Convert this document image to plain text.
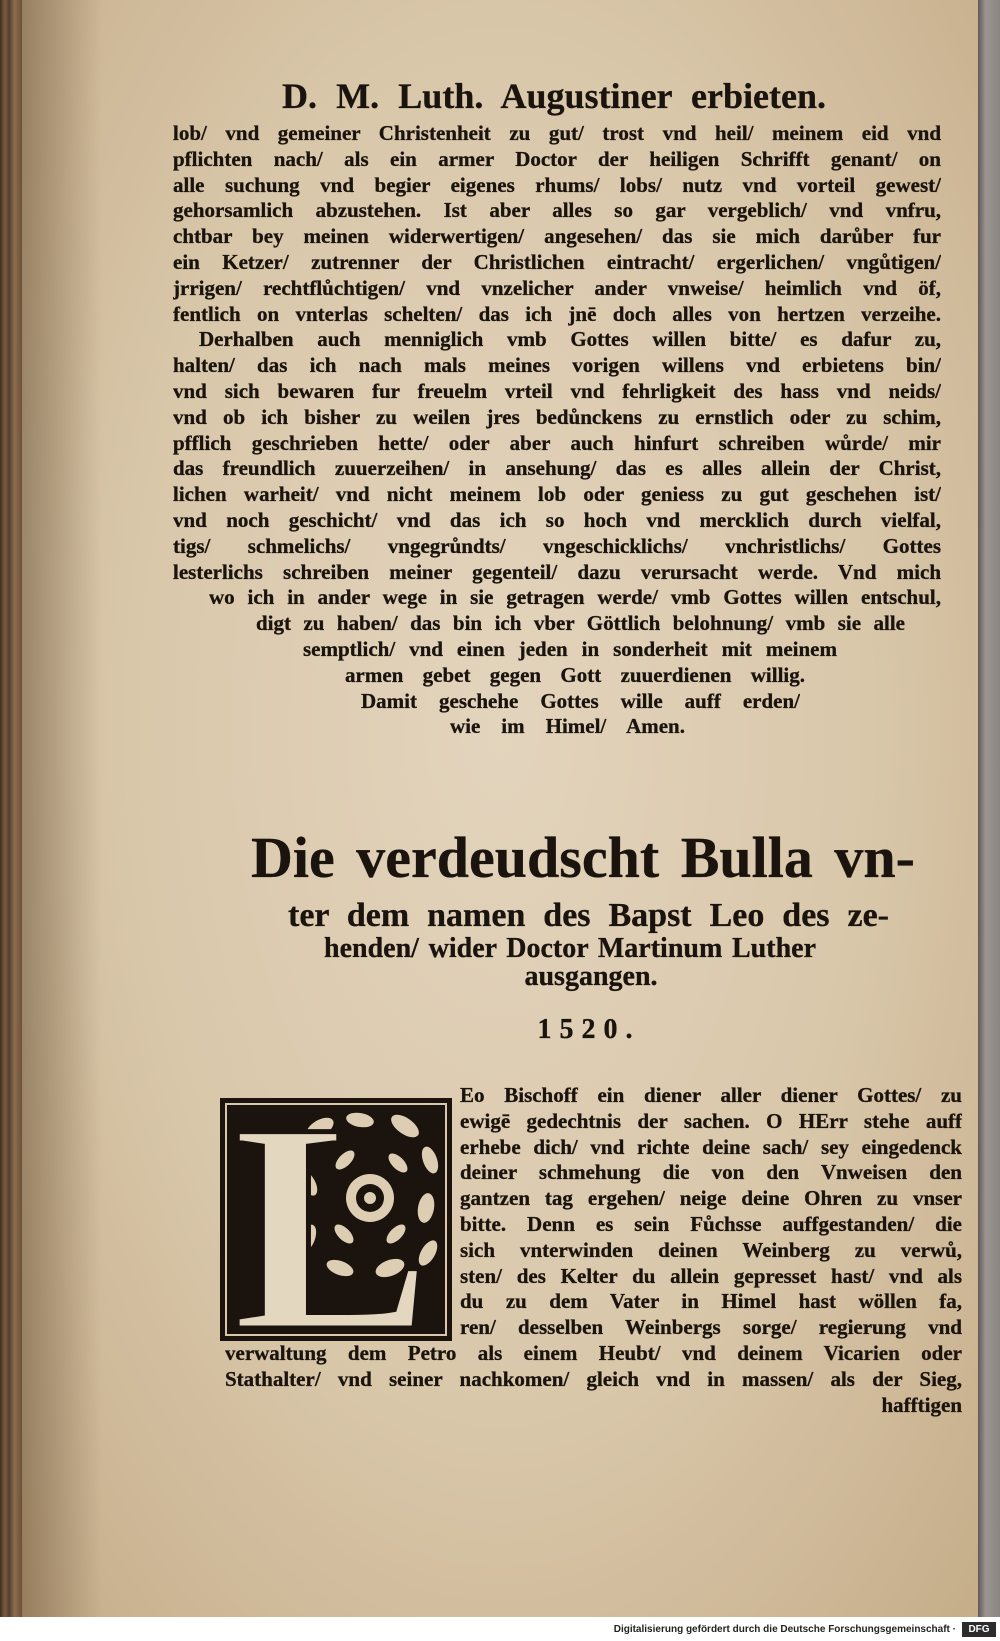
D. M. Luth. Augustiner erbieten.
lob/ vnd gemeiner Christenheit zu gut/ trost vnd heil/ meinem eid vnd
pflichten nach/ als ein armer Doctor der heiligen Schrifft genant/ on
alle suchung vnd begier eigenes rhums/ lobs/ nutz vnd vorteil gewest/
gehorsamlich abzustehen. Ist aber alles so gar vergeblich/ vnd vnfru,
chtbar bey meinen widerwertigen/ angesehen/ das sie mich darůber fur
ein Ketzer/ zutrenner der Christlichen eintracht/ ergerlichen/ vngůtigen/
jrrigen/ rechtflůchtigen/ vnd vnzelicher ander vnweise/ heimlich vnd öf,
fentlich on vnterlas schelten/ das ich jnē doch alles von hertzen verzeihe.
Derhalben auch menniglich vmb Gottes willen bitte/ es dafur zu,
halten/ das ich nach mals meines vorigen willens vnd erbietens bin/
vnd sich bewaren fur freuelm vrteil vnd fehrligkeit des hass vnd neids/
vnd ob ich bisher zu weilen jres bedůnckens zu ernstlich oder zu schim,
pfflich geschrieben hette/ oder aber auch hinfurt schreiben wůrde/ mir
das freundlich zuuerzeihen/ in ansehung/ das es alles allein der Christ,
lichen warheit/ vnd nicht meinem lob oder geniess zu gut geschehen ist/
vnd noch geschicht/ vnd das ich so hoch vnd mercklich durch vielfal,
tigs/ schmelichs/ vngegrůndts/ vngeschicklichs/ vnchristlichs/ Gottes
lesterlichs schreiben meiner gegenteil/ dazu verursacht werde. Vnd mich
wo ich in ander wege in sie getragen werde/ vmb Gottes willen entschul,
digt zu haben/ das bin ich vber Göttlich belohnung/ vmb sie alle
semptlich/ vnd einen jeden in sonderheit mit meinem
armen gebet gegen Gott zuuerdienen willig.
Damit geschehe Gottes wille auff erden/
wie im Himel/ Amen.
Die verdeudscht Bulla vn-
ter dem namen des Bapst Leo des ze-
henden/ wider Doctor Martinum Luther
ausgangen.
1520.
L Eo Bischoff ein diener aller diener Gottes/ zu
ewigē gedechtnis der sachen. O HErr stehe auff
erhebe dich/ vnd richte deine sach/ sey eingedenck
deiner schmehung die von den Vnweisen den
gantzen tag ergehen/ neige deine Ohren zu vnser
bitte. Denn es sein Fůchsse auffgestanden/ die
sich vnterwinden deinen Weinberg zu verwů,
sten/ des Kelter du allein gepresset hast/ vnd als
du zu dem Vater in Himel hast wöllen fa,
ren/ desselben Weinbergs sorge/ regierung vnd
verwaltung dem Petro als einem Heubt/ vnd deinem Vicarien oder
Stathalter/ vnd seiner nachkomen/ gleich vnd in massen/ als der Sieg,
hafftigen
Digitalisierung gefördert durch die Deutsche Forschungsgemeinschaft ·	DFG
